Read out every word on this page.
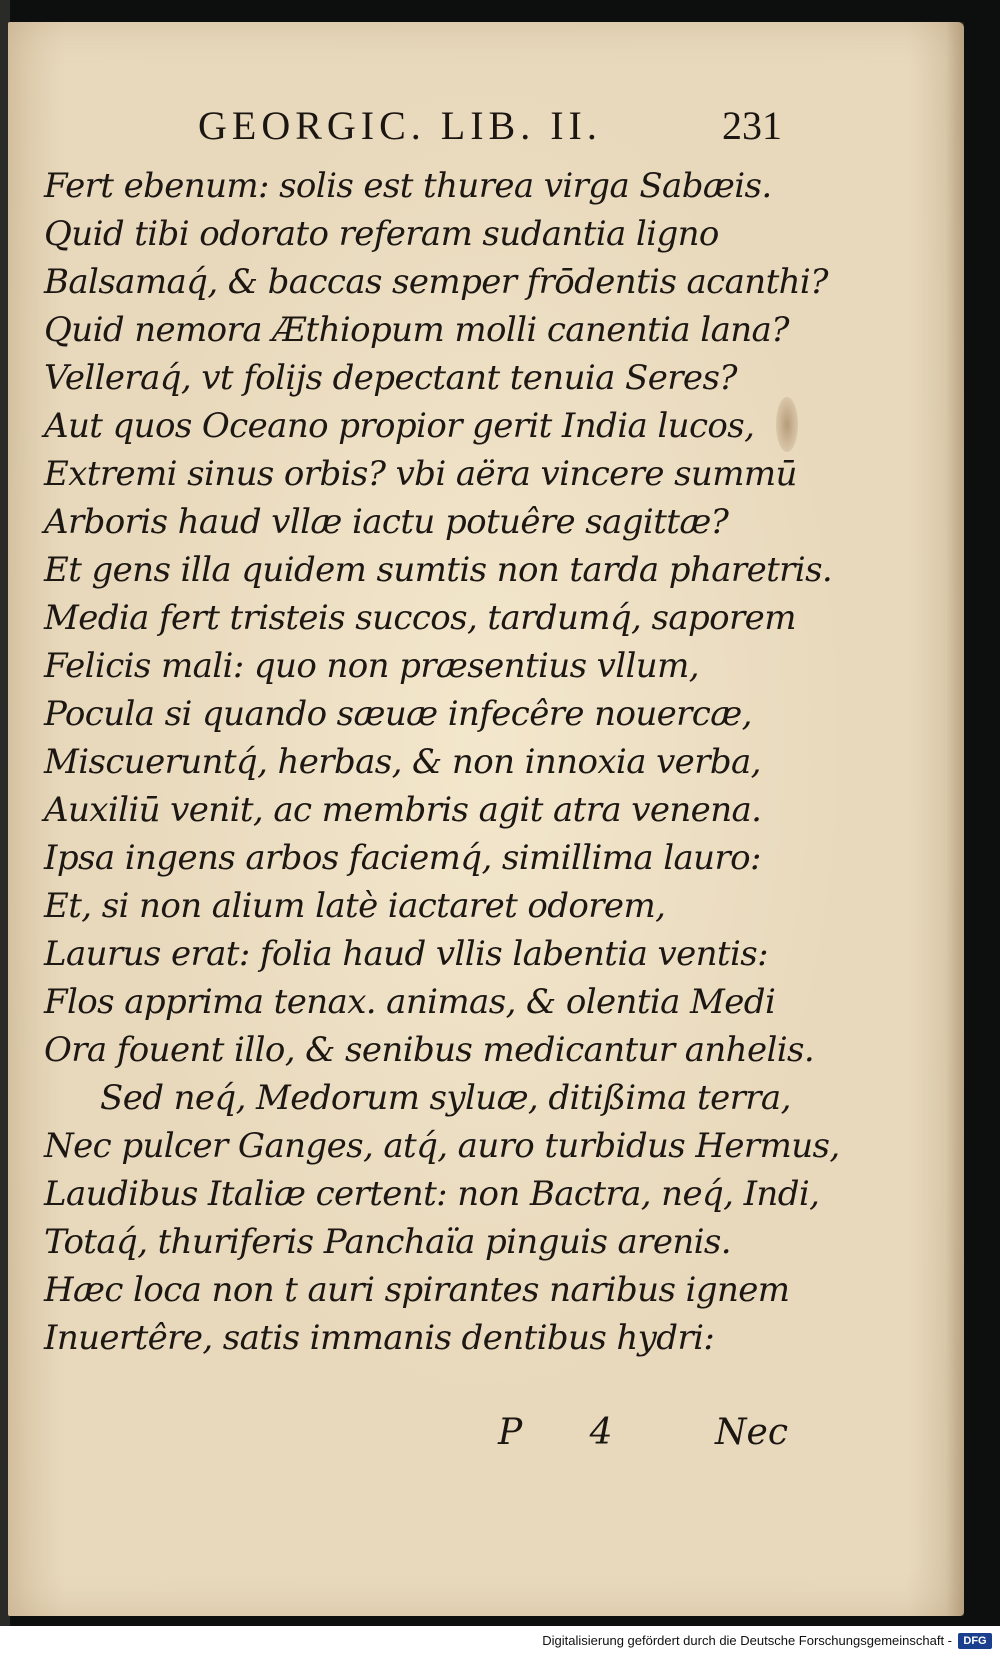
GEORGIC. LIB. II.	231
Fert ebenum: solis est thurea virga Sabæis.
Quid tibi odorato referam sudantia ligno
Balsamaq́, & baccas semper frōdentis acanthi?
Quid nemora Æthiopum molli canentia lana?
Velleraq́, vt folijs depectant tenuia Seres?
Aut quos Oceano propior gerit India lucos,
Extremi sinus orbis? vbi aëra vincere summū
Arboris haud vllæ iactu potuêre sagittæ?
Et gens illa quidem sumtis non tarda pharetris.
Media fert tristeis succos, tardumq́, saporem
Felicis mali: quo non præsentius vllum,
Pocula si quando sæuæ infecêre nouercæ,
Miscueruntq́, herbas, & non innoxia verba,
Auxiliū venit, ac membris agit atra venena.
Ipsa ingens arbos faciemq́, simillima lauro:
Et, si non alium latè iactaret odorem,
Laurus erat: folia haud vllis labentia ventis:
Flos apprima tenax. animas, & olentia Medi
Ora fouent illo, & senibus medicantur anhelis.
Sed neq́, Medorum syluæ, ditißima terra,
Nec pulcer Ganges, atq́, auro turbidus Hermus,
Laudibus Italiæ certent: non Bactra, neq́, Indi,
Totaq́, thuriferis Panchaïa pinguis arenis.
Hæc loca non t auri spirantes naribus ignem
Inuertêre, satis immanis dentibus hydri:
P 4 Nec
Digitalisierung gefördert durch die Deutsche Forschungsgemeinschaft -	DFG
